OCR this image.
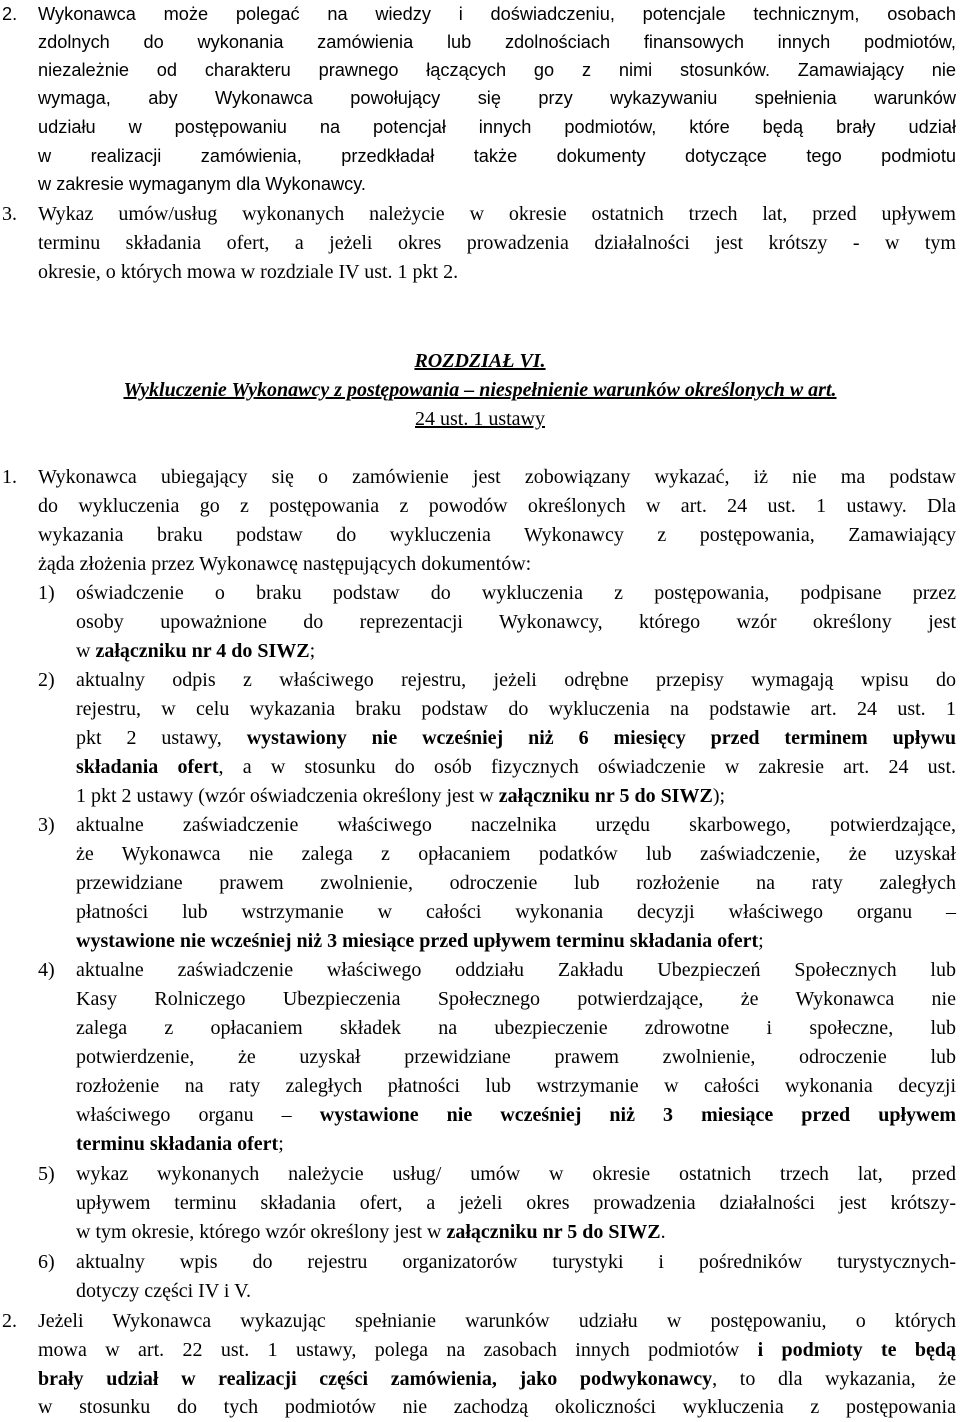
2. Wykonawca może polegać na wiedzy i doświadczeniu, potencjale technicznym, osobach
zdolnych do wykonania zamówienia lub zdolnościach finansowych innych podmiotów,
niezależnie od charakteru prawnego łączących go z nimi stosunków. Zamawiający nie
wymaga, aby Wykonawca powołujący się przy wykazywaniu spełnienia warunków
udziału w postępowaniu na potencjał innych podmiotów, które będą brały udział
w realizacji zamówienia, przedkładał także dokumenty dotyczące tego podmiotu
w zakresie wymaganym dla Wykonawcy.
3. Wykaz umów/usług wykonanych należycie w okresie ostatnich trzech lat, przed upływem
terminu składania ofert, a jeżeli okres prowadzenia działalności jest krótszy - w tym
okresie, o których mowa w rozdziale IV ust. 1 pkt 2.
ROZDZIAŁ VI.
Wykluczenie Wykonawcy z postępowania – niespełnienie warunków określonych w art.
24 ust. 1 ustawy
1. Wykonawca ubiegający się o zamówienie jest zobowiązany wykazać, iż nie ma podstaw
do wykluczenia go z postępowania z powodów określonych w art. 24 ust. 1 ustawy. Dla
wykazania braku podstaw do wykluczenia Wykonawcy z postępowania, Zamawiający
żąda złożenia przez Wykonawcę następujących dokumentów:
1)	oświadczenie o braku podstaw do wykluczenia z postępowania, podpisane przez
osoby upoważnione do reprezentacji Wykonawcy, którego wzór określony jest
w załączniku nr 4 do SIWZ;
2)	aktualny odpis z właściwego rejestru, jeżeli odrębne przepisy wymagają wpisu do
rejestru, w celu wykazania braku podstaw do wykluczenia na podstawie art. 24 ust. 1
pkt 2 ustawy, wystawiony nie wcześniej niż 6 miesięcy przed terminem upływu
składania ofert, a w stosunku do osób fizycznych oświadczenie w zakresie art. 24 ust.
1 pkt 2 ustawy (wzór oświadczenia określony jest w załączniku nr 5 do SIWZ);
3)	aktualne zaświadczenie właściwego naczelnika urzędu skarbowego, potwierdzające,
że Wykonawca nie zalega z opłacaniem podatków lub zaświadczenie, że uzyskał
przewidziane prawem zwolnienie, odroczenie lub rozłożenie na raty zaległych
płatności lub wstrzymanie w całości wykonania decyzji właściwego organu –
wystawione nie wcześniej niż 3 miesiące przed upływem terminu składania ofert;
4)	aktualne zaświadczenie właściwego oddziału Zakładu Ubezpieczeń Społecznych lub
Kasy Rolniczego Ubezpieczenia Społecznego potwierdzające, że Wykonawca nie
zalega z opłacaniem składek na ubezpieczenie zdrowotne i społeczne, lub
potwierdzenie, że uzyskał przewidziane prawem zwolnienie, odroczenie lub
rozłożenie na raty zaległych płatności lub wstrzymanie w całości wykonania decyzji
właściwego organu – wystawione nie wcześniej niż 3 miesiące przed upływem
terminu składania ofert;
5)	wykaz wykonanych należycie usług/ umów w okresie ostatnich trzech lat, przed
upływem terminu składania ofert, a jeżeli okres prowadzenia działalności jest krótszy-
w tym okresie, którego wzór określony jest w załączniku nr 5 do SIWZ.
6)	aktualny wpis do rejestru organizatorów turystyki i pośredników turystycznych-
dotyczy części IV i V.
2. Jeżeli Wykonawca wykazując spełnianie warunków udziału w postępowaniu, o których
mowa w art. 22 ust. 1 ustawy, polega na zasobach innych podmiotów i podmioty te będą
brały udział w realizacji części zamówienia, jako podwykonawcy, to dla wykazania, że
w stosunku do tych podmiotów nie zachodzą okoliczności wykluczenia z postępowania
